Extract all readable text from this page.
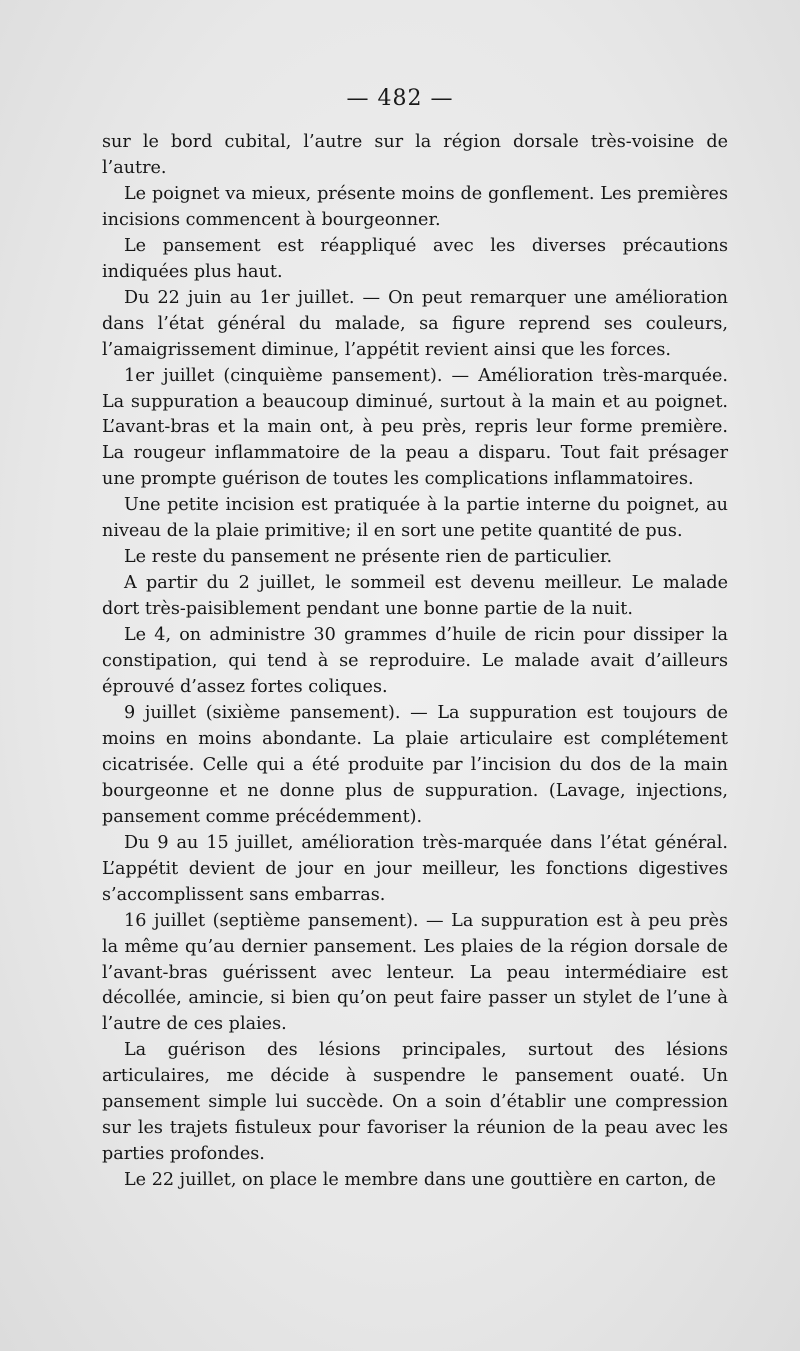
— 482 —

sur le bord cubital, l’autre sur la région dorsale très-voisine de l’autre.

Le poignet va mieux, présente moins de gonflement. Les premières incisions commencent à bourgeonner.

Le pansement est réappliqué avec les diverses précautions indiquées plus haut.

Du 22 juin au 1er juillet. — On peut remarquer une amélioration dans l’état général du malade, sa figure reprend ses couleurs, l’amaigrissement diminue, l’appétit revient ainsi que les forces.

1er juillet (cinquième pansement). — Amélioration très-marquée. La suppuration a beaucoup diminué, surtout à la main et au poignet. L’avant-bras et la main ont, à peu près, repris leur forme première. La rougeur inflammatoire de la peau a disparu. Tout fait présager une prompte guérison de toutes les complications inflammatoires.

Une petite incision est pratiquée à la partie interne du poignet, au niveau de la plaie primitive; il en sort une petite quantité de pus.

Le reste du pansement ne présente rien de particulier.

A partir du 2 juillet, le sommeil est devenu meilleur. Le malade dort très-paisiblement pendant une bonne partie de la nuit.

Le 4, on administre 30 grammes d’huile de ricin pour dissiper la constipation, qui tend à se reproduire. Le malade avait d’ailleurs éprouvé d’assez fortes coliques.

9 juillet (sixième pansement). — La suppuration est toujours de moins en moins abondante. La plaie articulaire est complétement cicatrisée. Celle qui a été produite par l’incision du dos de la main bourgeonne et ne donne plus de suppuration. (Lavage, injections, pansement comme précédemment).

Du 9 au 15 juillet, amélioration très-marquée dans l’état général. L’appétit devient de jour en jour meilleur, les fonctions digestives s’accomplissent sans embarras.

16 juillet (septième pansement). — La suppuration est à peu près la même qu’au dernier pansement. Les plaies de la région dorsale de l’avant-bras guérissent avec lenteur. La peau intermédiaire est décollée, amincie, si bien qu’on peut faire passer un stylet de l’une à l’autre de ces plaies.

La guérison des lésions principales, surtout des lésions articulaires, me décide à suspendre le pansement ouaté. Un pansement simple lui succède. On a soin d’établir une compression sur les trajets fistuleux pour favoriser la réunion de la peau avec les parties profondes.

Le 22 juillet, on place le membre dans une gouttière en carton, de
